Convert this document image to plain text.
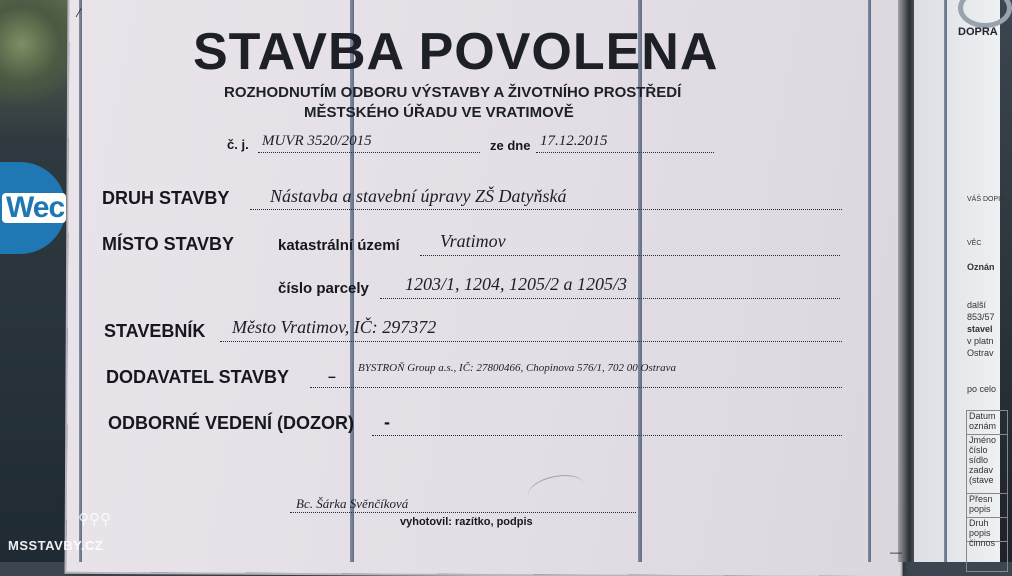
Wec
DOPRA
VÁŠ DOPIS
VĚC
Oznán
další
853/57
stavel
v platn
Ostrav
po celo
Datum oznám
Jméno číslo sídlo zadav (stave
Přesn popis
Druh popis činnos
STAVBA POVOLENA
ROZHODNUTÍM ODBORU VÝSTAVBY A ŽIVOTNÍHO PROSTŘEDÍ
MĚSTSKÉHO ÚŘADU VE VRATIMOVĚ
č. j. MUVR 3520/2015	ze dne 17.12.2015
DRUH STAVBY Nástavba a stavební úpravy ZŠ Datyňská
MÍSTO STAVBY	katastrální území Vratimov
číslo parcely 1203/1, 1204, 1205/2 a 1205/3
STAVEBNÍK Město Vratimov, IČ: 297372
DODAVATEL STAVBY	– BYSTROŇ Group a.s., IČ: 27800466, Chopinova 576/1, 702 00 Ostrava
ODBORNÉ VEDENÍ (DOZOR) -
Bc. Šárka Svěnčíková
vyhotovil: razítko, podpis
⁄
—
⚲⚲⚲
MSSTAVBY.CZ
